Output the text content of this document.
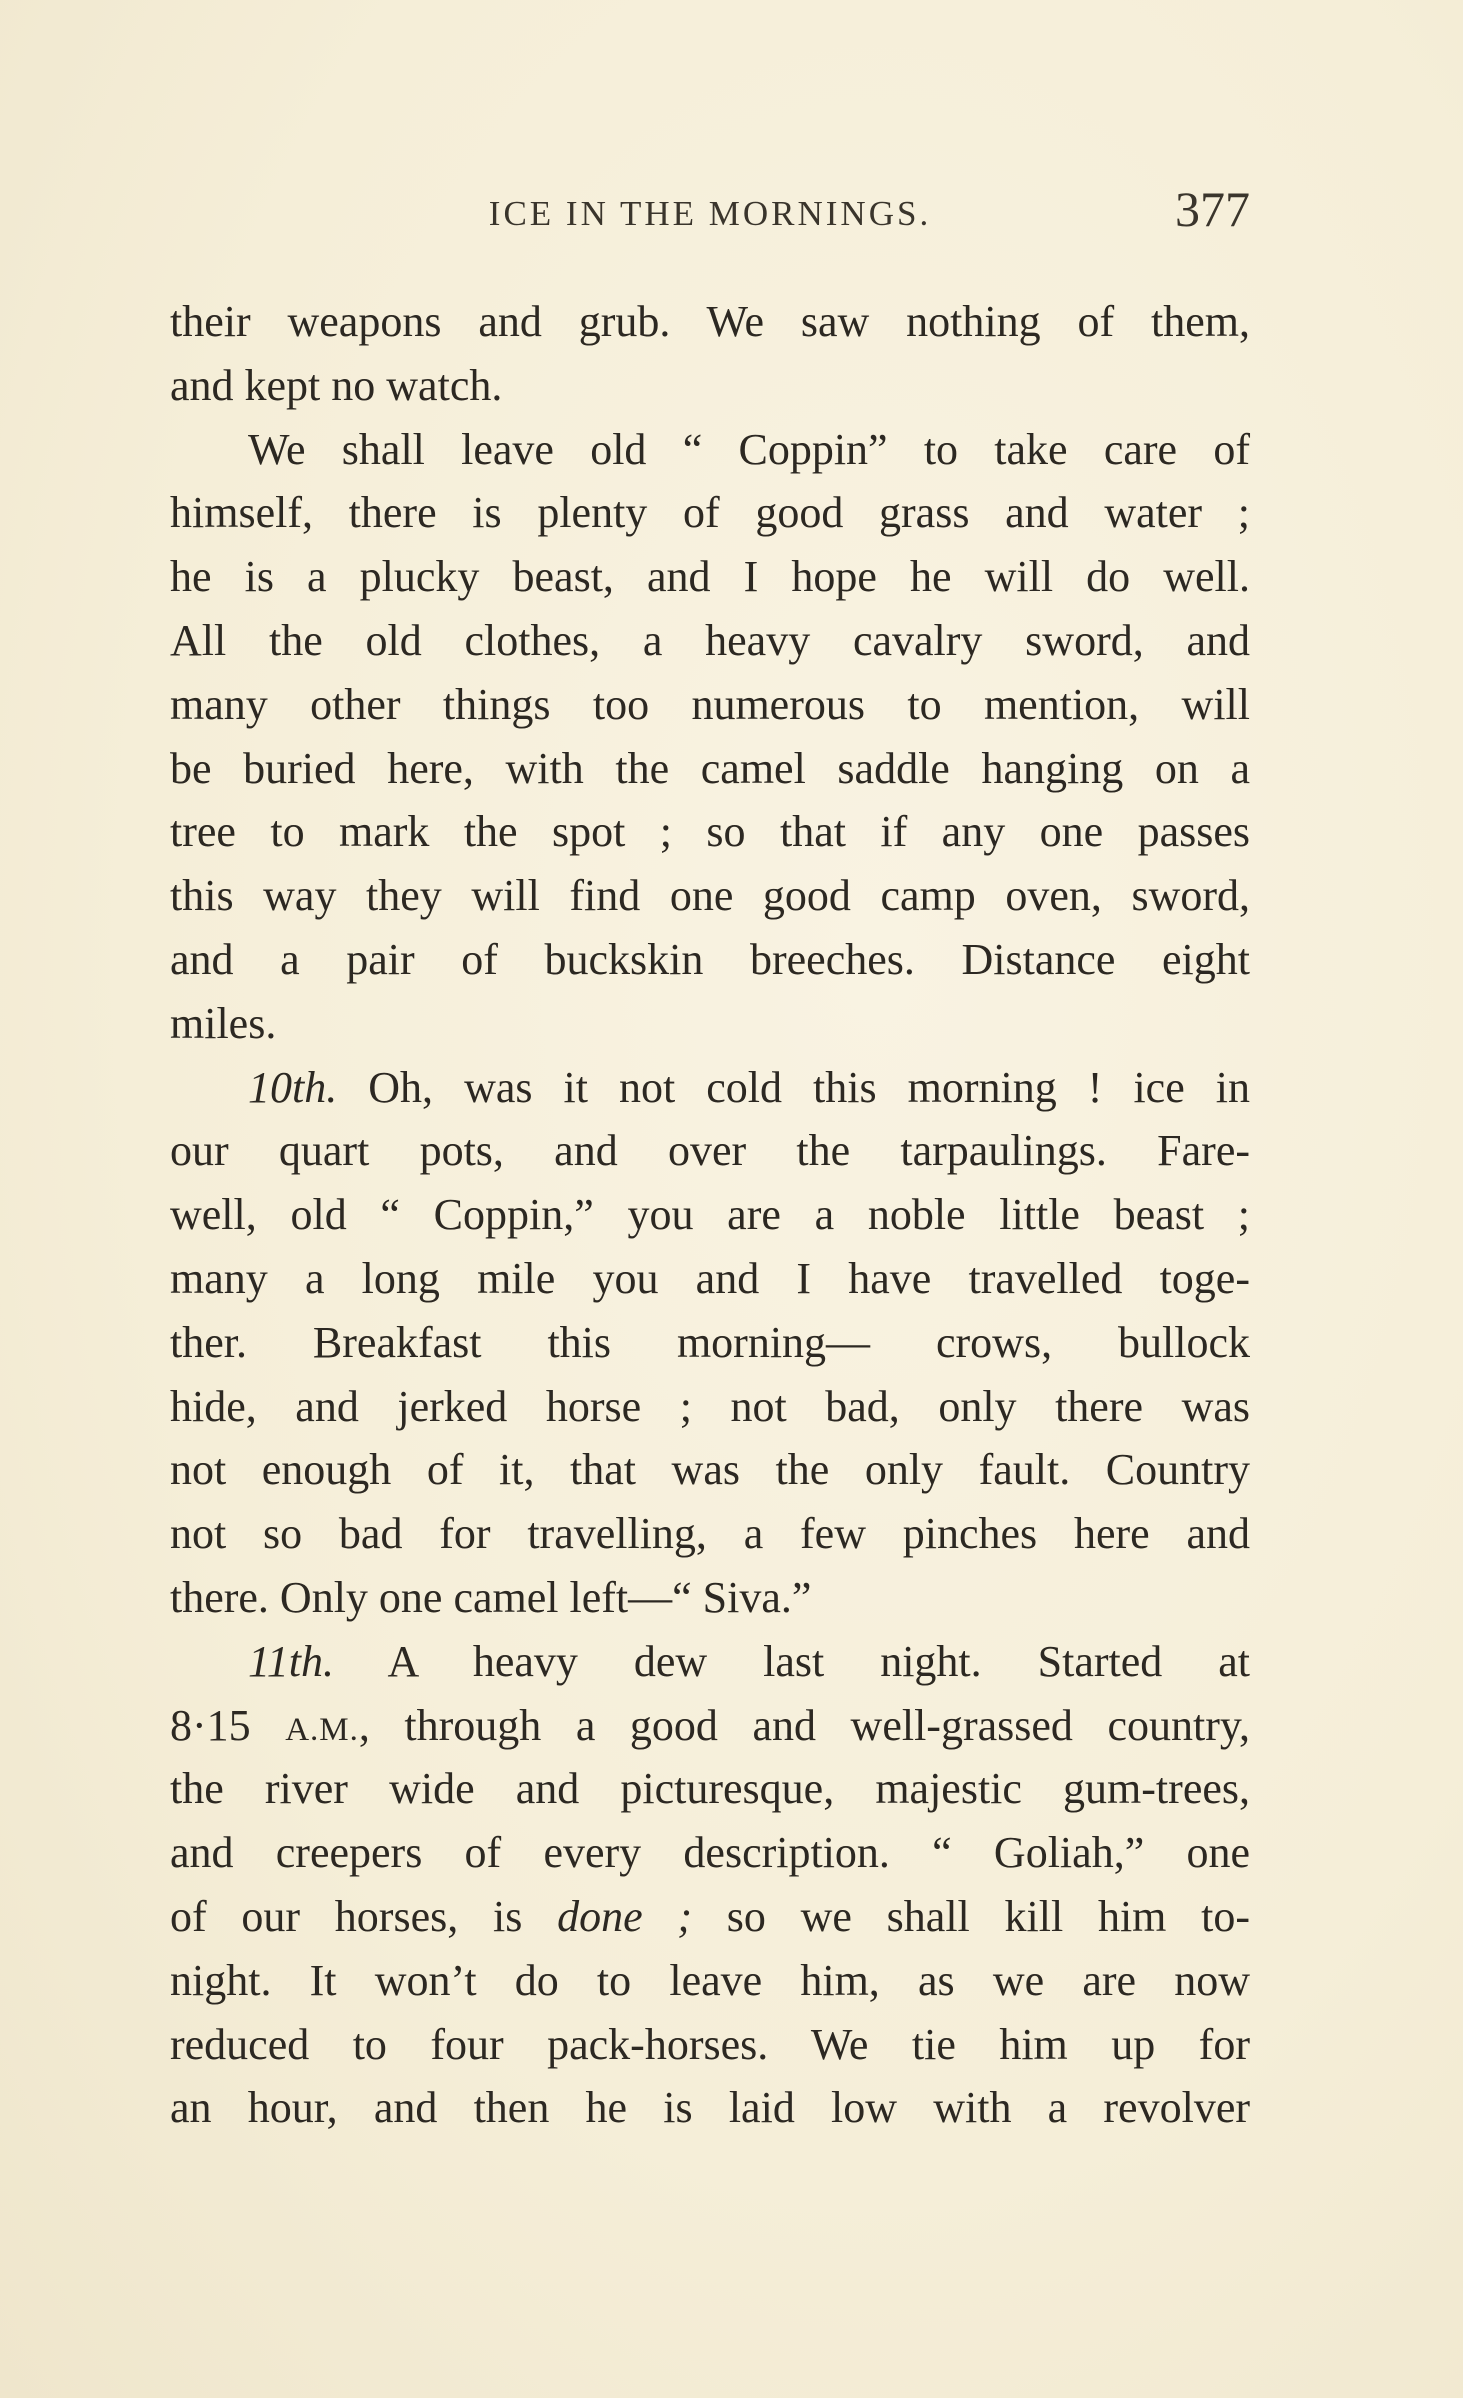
ICE IN THE MORNINGS.	377
their weapons and grub. We saw nothing of them,
and kept no watch.
We shall leave old “ Coppin” to take care of
himself, there is plenty of good grass and water ;
he is a plucky beast, and I hope he will do well.
All the old clothes, a heavy cavalry sword, and
many other things too numerous to mention, will
be buried here, with the camel saddle hanging on a
tree to mark the spot ; so that if any one passes
this way they will find one good camp oven, sword,
and a pair of buckskin breeches. Distance eight
miles.
10th. Oh, was it not cold this morning ! ice in
our quart pots, and over the tarpaulings. Fare-
well, old “ Coppin,” you are a noble little beast ;
many a long mile you and I have travelled toge-
ther. Breakfast this morning— crows, bullock
hide, and jerked horse ; not bad, only there was
not enough of it, that was the only fault. Country
not so bad for travelling, a few pinches here and
there. Only one camel left—“ Siva.”
11th. A heavy dew last night. Started at
8·15 A.M., through a good and well-grassed country,
the river wide and picturesque, majestic gum-trees,
and creepers of every description. “ Goliah,” one
of our horses, is done ; so we shall kill him to-
night. It won’t do to leave him, as we are now
reduced to four pack-horses. We tie him up for
an hour, and then he is laid low with a revolver
